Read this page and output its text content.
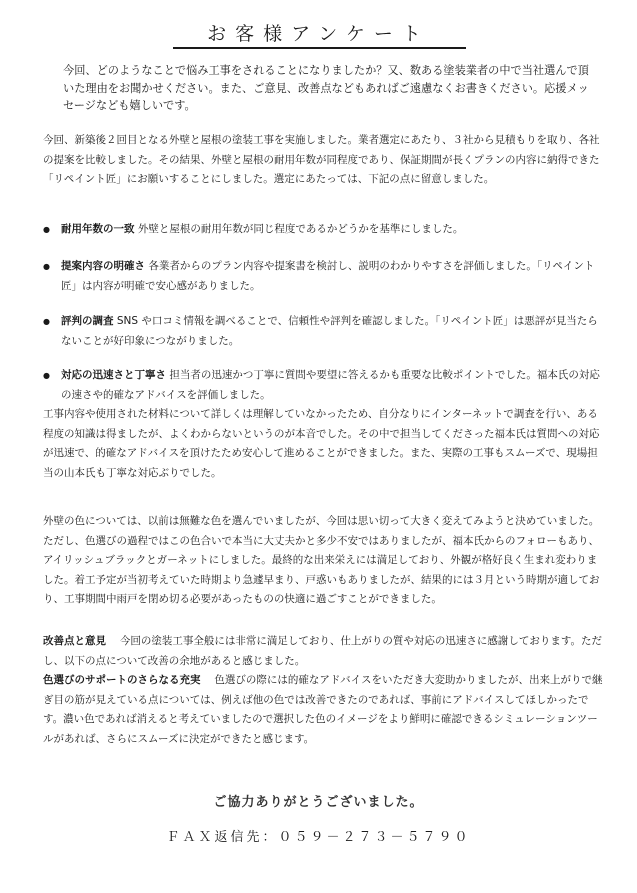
お客様アンケート
今回、どのようなことで悩み工事をされることになりましたか？又、数ある塗装業者の中で当社選んで頂いた理由をお聞かせください。また、ご意見、改善点などもあればご遠慮なくお書きください。応援メッセージなども嬉しいです。

今回、新築後２回目となる外壁と屋根の塗装工事を実施しました。業者選定にあたり、３社から見積もりを取り、各社の提案を比較しました。その結果、外壁と屋根の耐用年数が同程度であり、保証期間が長くプランの内容に納得できた「リペイント匠」にお願いすることにしました。選定にあたっては、下記の点に留意しました。

● 耐用年数の一致 外壁と屋根の耐用年数が同じ程度であるかどうかを基準にしました。
● 提案内容の明確さ 各業者からのプラン内容や提案書を検討し、説明のわかりやすさを評価しました。「リペイント匠」は内容が明確で安心感がありました。
● 評判の調査 SNS や口コミ情報を調べることで、信頼性や評判を確認しました。「リペイント匠」は悪評が見当たらないことが好印象につながりました。
● 対応の迅速さと丁寧さ 担当者の迅速かつ丁寧に質問や要望に答えるかも重要な比較ポイントでした。福本氏の対応の速さや的確なアドバイスを評価しました。

工事内容や使用された材料について詳しくは理解していなかったため、自分なりにインターネットで調査を行い、ある程度の知識は得ましたが、よくわからないというのが本音でした。その中で担当してくださった福本氏は質問への対応が迅速で、的確なアドバイスを頂けたため安心して進めることができました。また、実際の工事もスムーズで、現場担当の山本氏も丁寧な対応ぶりでした。

外壁の色については、以前は無難な色を選んでいましたが、今回は思い切って大きく変えてみようと決めていました。ただし、色選びの過程ではこの色合いで本当に大丈夫かと多少不安ではありましたが、福本氏からのフォローもあり、アイリッシュブラックとガーネットにしました。最終的な出来栄えには満足しており、外観が格好良く生まれ変わりました。着工予定が当初考えていた時期より急遽早まり、戸惑いもありましたが、結果的には３月という時期が適しており、工事期間中雨戸を閉め切る必要があったものの快適に過ごすことができました。

改善点と意見　 今回の塗装工事全般には非常に満足しており、仕上がりの質や対応の迅速さに感謝しております。ただし、以下の点について改善の余地があると感じました。
色選びのサポートのさらなる充実　 色選びの際には的確なアドバイスをいただき大変助かりましたが、出来上がりで継ぎ目の筋が見えている点については、例えば他の色では改善できたのであれば、事前にアドバイスしてほしかったです。濃い色であれば消えると考えていましたので選択した色のイメージをより鮮明に確認できるシミュレーションツールがあれば、さらにスムーズに決定ができたと感じます。
ご協力ありがとうございました。
ＦＡＸ返信先：０５９－２７３－５７９０
